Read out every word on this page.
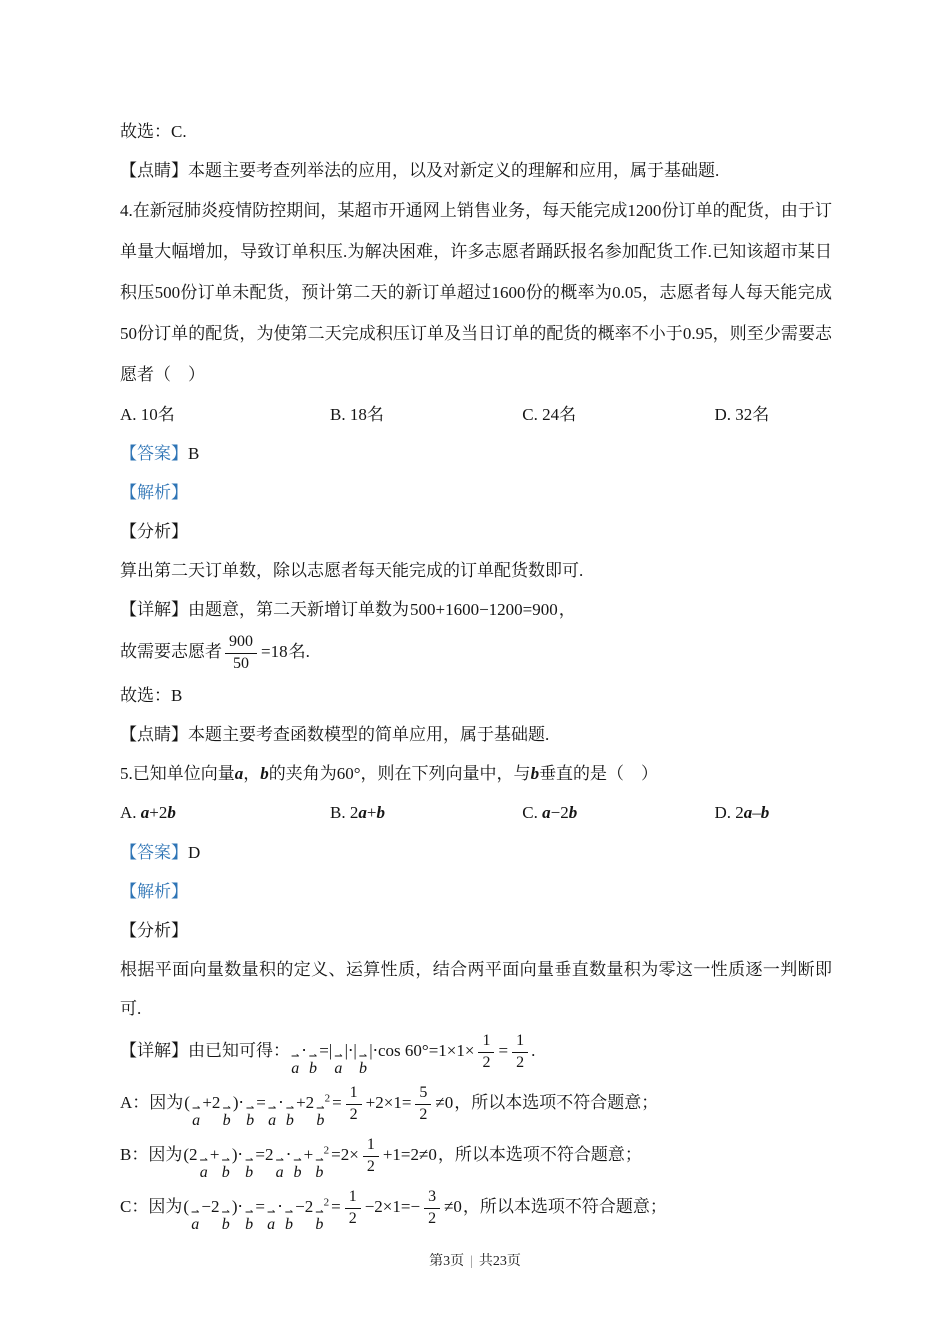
故选：C.

【点睛】本题主要考查列举法的应用，以及对新定义的理解和应用，属于基础题.

4.在新冠肺炎疫情防控期间，某超市开通网上销售业务，每天能完成1200份订单的配货，由于订单量大幅增加，导致订单积压.为解决困难，许多志愿者踊跃报名参加配货工作.已知该超市某日积压500份订单未配货，预计第二天的新订单超过1600份的概率为0.05，志愿者每人每天能完成50份订单的配货，为使第二天完成积压订单及当日订单的配货的概率不小于0.95，则至少需要志愿者（　）

A. 10名	B. 18名	C. 24名	D. 32名

【答案】B

【解析】

【分析】

算出第二天订单数，除以志愿者每天能完成的订单配货数即可.

【详解】由题意，第二天新增订单数为500+1600−1200=900，

故需要志愿者 $\frac{900}{50} =18$名.

故选：B

【点睛】本题主要考查函数模型的简单应用，属于基础题.

5.已知单位向量a，b的夹角为60°，则在下列向量中，与b垂直的是（　）

A. a+2b	B. 2a+b	C. a−2b	D. 2a–b

【答案】D

【解析】

【分析】

根据平面向量数量积的定义、运算性质，结合两平面向量垂直数量积为零这一性质逐一判断即可.

【详解】由已知可得： ⇀
a
⋅ ⇀
b
=| ⇀
a
|⋅| ⇀
b
|⋅cos $60^\circ=1\times 1\times \frac{1}{2} = \frac{1}{2}$ .

A：因为( ⇀
a
+2 ⇀
b
)⋅ ⇀
b
= ⇀
a
⋅ ⇀
b
+2 ⇀
b
$^2 = \frac{1}{2} +2\times 1= \frac{5}{2} \ne 0$，所以本选项不符合题意；

B：因为(2 ⇀
a
+ ⇀
b
)⋅ ⇀
b
=2 ⇀
a
⋅ ⇀
b
+ ⇀
b
$^2 =2\times \frac{1}{2} +1=2\ne 0$，所以本选项不符合题意；

C：因为( ⇀
a
−2 ⇀
b
)⋅ ⇀
b
= ⇀
a
⋅ ⇀
b
−2 ⇀
b
$^2 = \frac{1}{2} -2\times 1=- \frac{3}{2} \ne 0$，所以本选项不符合题意；

第3页 | 共23页
